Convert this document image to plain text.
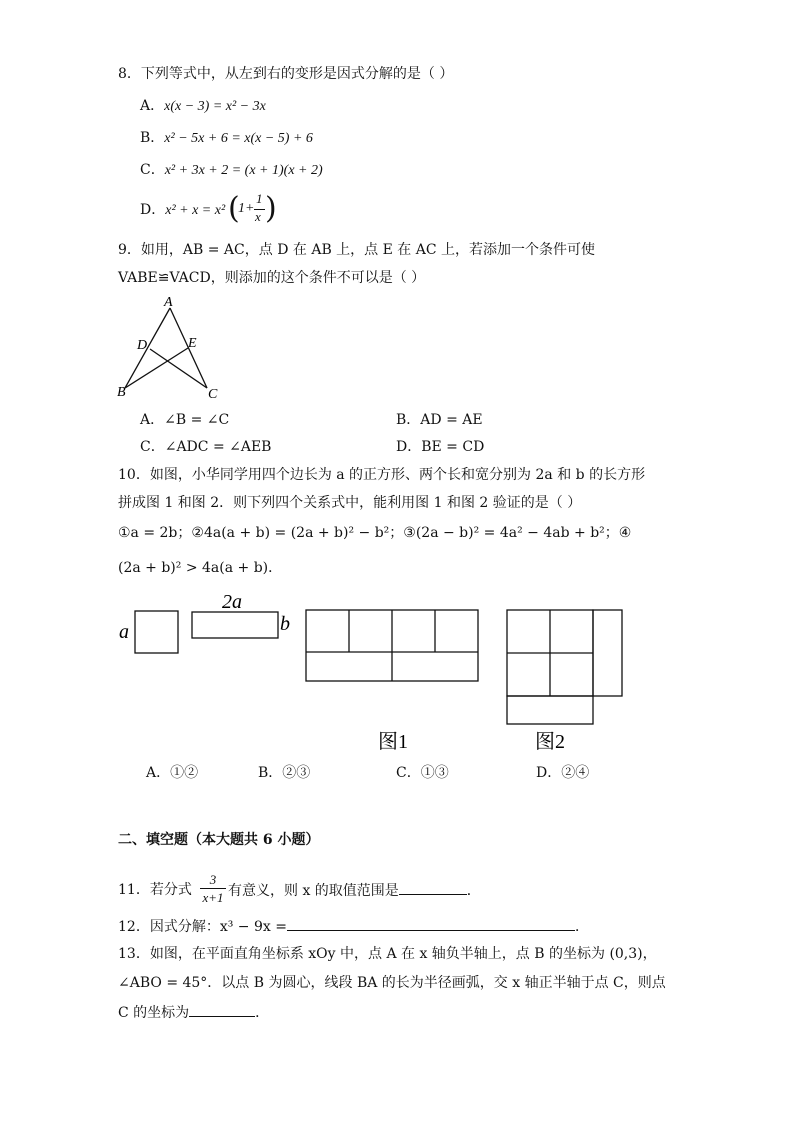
8．下列等式中，从左到右的变形是因式分解的是（ ）
A．x(x − 3) = x² − 3x
B．x² − 5x + 6 = x(x − 5) + 6
C．x² + 3x + 2 = (x + 1)(x + 2)
D．x² + x = x² (
1+
1
x )
9．如用，AB = AC，点 D 在 AB 上，点 E 在 AC 上，若添加一个条件可使
VABE≌VACD，则添加的这个条件不可以是（ ）
A
D	E
B	C
A．∠B = ∠C	B．AD = AE
C．∠ADC = ∠AEB	D．BE = CD
10．如图，小华同学用四个边长为 a 的正方形、两个长和宽分别为 2a 和 b 的长方形
拼成图 1 和图 2．则下列四个关系式中，能利用图 1 和图 2 验证的是（ ）
①a = 2b；②4a(a + b) = (2a + b)² − b²；③(2a − b)² = 4a² − 4ab + b²；④
(2a + b)² > 4a(a + b)．
a
2a
b
图1	图2
A．①②	B．②③	C．①③	D．②④
二、填空题（本大题共 6 小题）
11．若分式 $\frac{3}{x+1}$ 有意义，则 x 的取值范围是	．
12．因式分解：x³ − 9x =	．
13．如图，在平面直角坐标系 xOy 中，点 A 在 x 轴负半轴上，点 B 的坐标为 (0,3)，
∠ABO = 45°．以点 B 为圆心，线段 BA 的长为半径画弧，交 x 轴正半轴于点 C，则点
C 的坐标为	．
